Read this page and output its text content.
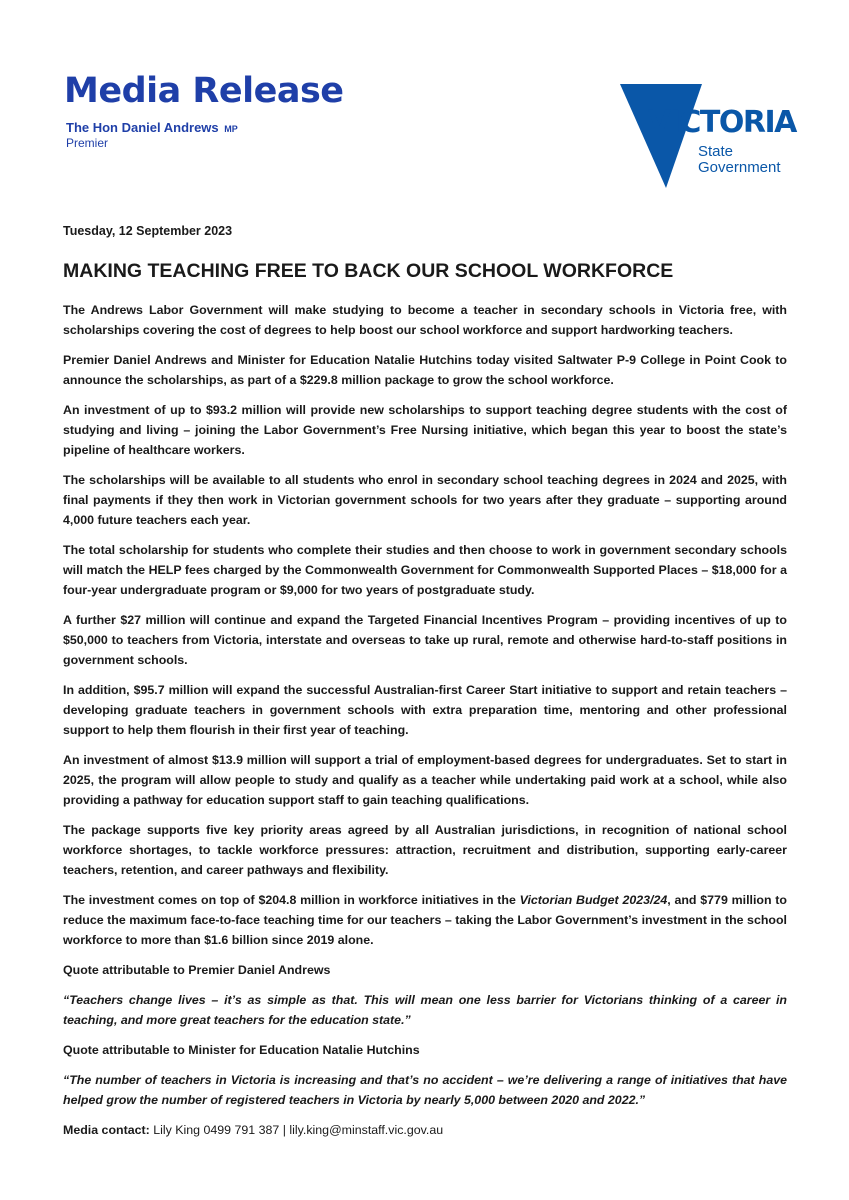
Media Release
The Hon Daniel Andrews MP
Premier
VICTORIA
State
Government
Tuesday, 12 September 2023
MAKING TEACHING FREE TO BACK OUR SCHOOL WORKFORCE

The Andrews Labor Government will make studying to become a teacher in secondary schools in Victoria free, with scholarships covering the cost of degrees to help boost our school workforce and support hardworking teachers.

Premier Daniel Andrews and Minister for Education Natalie Hutchins today visited Saltwater P-9 College in Point Cook to announce the scholarships, as part of a $229.8 million package to grow the school workforce.

An investment of up to $93.2 million will provide new scholarships to support teaching degree students with the cost of studying and living – joining the Labor Government’s Free Nursing initiative, which began this year to boost the state’s pipeline of healthcare workers.

The scholarships will be available to all students who enrol in secondary school teaching degrees in 2024 and 2025, with final payments if they then work in Victorian government schools for two years after they graduate – supporting around 4,000 future teachers each year.

The total scholarship for students who complete their studies and then choose to work in government secondary schools will match the HELP fees charged by the Commonwealth Government for Commonwealth Supported Places – $18,000 for a four-year undergraduate program or $9,000 for two years of postgraduate study.

A further $27 million will continue and expand the Targeted Financial Incentives Program – providing incentives of up to $50,000 to teachers from Victoria, interstate and overseas to take up rural, remote and otherwise hard-to-staff positions in government schools.

In addition, $95.7 million will expand the successful Australian-first Career Start initiative to support and retain teachers – developing graduate teachers in government schools with extra preparation time, mentoring and other professional support to help them flourish in their first year of teaching.

An investment of almost $13.9 million will support a trial of employment-based degrees for undergraduates. Set to start in 2025, the program will allow people to study and qualify as a teacher while undertaking paid work at a school, while also providing a pathway for education support staff to gain teaching qualifications.

The package supports five key priority areas agreed by all Australian jurisdictions, in recognition of national school workforce shortages, to tackle workforce pressures: attraction, recruitment and distribution, supporting early-career teachers, retention, and career pathways and flexibility.

The investment comes on top of $204.8 million in workforce initiatives in the Victorian Budget 2023/24, and $779 million to reduce the maximum face-to-face teaching time for our teachers – taking the Labor Government’s investment in the school workforce to more than $1.6 billion since 2019 alone.

Quote attributable to Premier Daniel Andrews

“Teachers change lives – it’s as simple as that. This will mean one less barrier for Victorians thinking of a career in teaching, and more great teachers for the education state.”

Quote attributable to Minister for Education Natalie Hutchins

“The number of teachers in Victoria is increasing and that’s no accident – we’re delivering a range of initiatives that have helped grow the number of registered teachers in Victoria by nearly 5,000 between 2020 and 2022.”

Media contact: Lily King 0499 791 387 | lily.king@minstaff.vic.gov.au
